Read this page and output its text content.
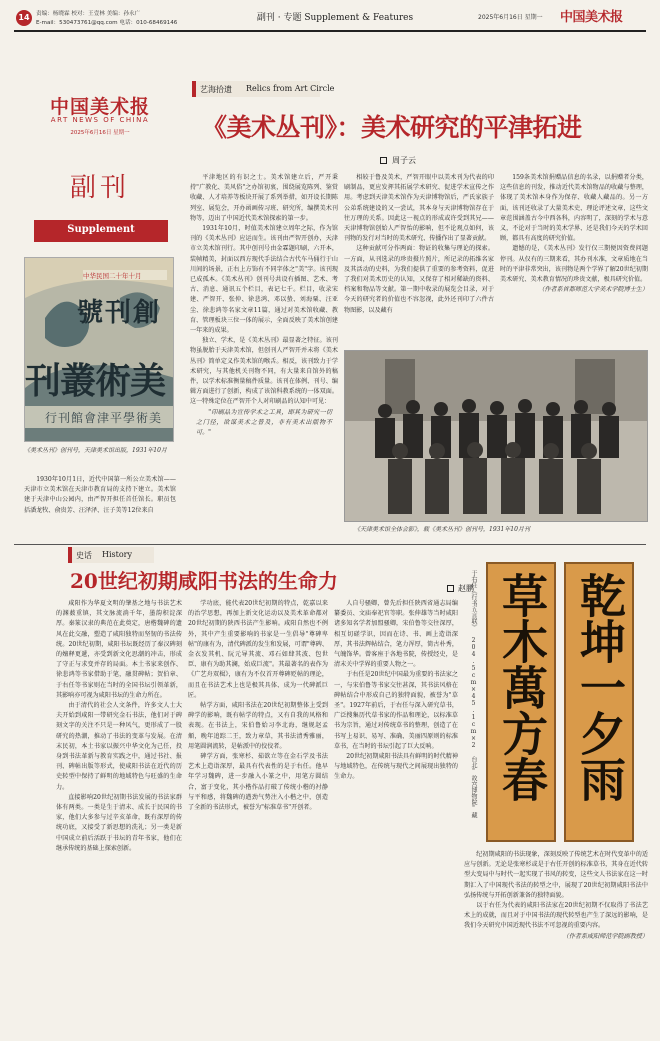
14	责编：杨晓霖 校对：王壹林 美编：孙永广
E-mail：530473761@qq.com 电话：010-68469146	副刊 · 专题 Supplement & Features	2025年6月16日 星期一 中国美术报
中国美术报
ART NEWS OF CHINA
2025年6月16日 星期一
副刊
Supplement
中华民国二十年十月
號刊創
刊叢術美
行刊館會津平學術美
《美术丛刊》创刊号，天津美术馆出版，1931年10月
1930年10月1日，近代中国第一所公立美术馆——天津市立美术馆在天津市教育局的支持下建立。美术馆建于天津中山公园内，由严智开担任首任馆长。职员包括潘龙牧、俞贵芳、汪泽泽、汪子美等12位来自
艺海拾遗 Relics from Art Circle
《美术丛刊》：美术研究的平津拓进
周子云

平津地区的有识之士。美术馆建立后，严开秉持"广教化、美风俗"之办馆初衷，围绕展览陈列、鉴赏收藏、人才培养等板块开展了系列举措，如开设长期陈列室、展览会，开办函画传习班、研究所，编撰美术刊物等，迈出了中国近代美术馆探索的第一步。

1931年10月，时值美术馆建立周年之际，作为馆刊的《美术丛刊》应运而生。该刊由严智开创办，天津市立美术馆刊行。其中创刊号由金霖题印刷，六开本，装帧精美，封面以西方现代手法结合古代车马俑行于山川间的场景，正右上方饰有不同字体之"美"字。该刊现已成孤本。《美术丛刊》创刊号共设有插图、艺术、考古、消息、通讯五个栏目，表记七千。栏目，收录宋建、严智开、张仲、徐悲鸿、邓以蛰、刘海粟、汪亚尘、徐悲鸿等名家文章11篇，通过对美术馆收藏、教育、管理板块三位一体的展示，全面反映了美术馆创建一年来的成果。

独立、学术，是《美术丛刊》最显著之特征。该刊物虽脱胎于天津美术馆，但创刊人严智开并未将《美术丛刊》简单定义作美术馆的喉舌。相反，该刊致力于学术研究，与其他机关刊物不同，有大量来自馆外的稿件，以学术标准衡量稿件质量。该刊在体例、刊号、编辑方面进行了创新，构成了该馆科教系统的一体双面。这一特殊定位在严智开个人对印刷品的认知中可见：

"印刷品为宣传学术之工具，即其为研究一切之门径，欲谋美术之普及，非有美术出版物不可。"

相较于鲁及美术，严智开眼中以美术刊为代表的印刷制品，更应发挥其拓展学术研究、促进学术宣传之作用。考虑到天津美术馆作为天津博物馆后，严氏家族子公弟系统建设的又一尝试，其本身与天津博物馆存在于往万理的关系。因此这一视点的形成或许受到其兄——天津博物馆创始人严智怡的影响，但不论观点如何，该刊物的发行对当时的美术研究、传播作出了显著贡献。

这种贡献可分作两面：物证的收集与理论的探索。一方面，从刊选录的珍贵摄片照片，所记录的拓维名家及其活动的史料，为我们提供了重要的参考资料，促进了我们对美术历史的认知，又保存了相对稀缺的资料、档案和物品等文献。第一期中收录的展览会目录，对于今天的研究者的价值也不容忽视，此外还刊印了六件古物图影，以及藏有

159条美术馆捐赠品信息的名录，以捐赠者分类，这些信息的刊发，推动近代美术馆物品的收藏与整理，体现了美术馆本身作为保存、收藏人藏品的。另一方面，该刊还收录了大量美术史、理论评述文章，这些文章范围涵盖古今中西各科，内容明了，深刻的学术与意义，不论对于当时的美术学界、还是我们今天的学术回顾，都具有高度的研究价值。

遗憾的是，《美术丛刊》发行仅三期便因资费问题停刊。从仅有的三期来看，其办刊水准，文章质地在当时的平津非常突出，该刊物是两个学界了解20世纪初期美术研究、美术教育情况的珍贵文献，极具研究价值。

（作者系首都师范大学美术学院博士生）

《天津美术馆全体会影》，载《美术丛刊》创刊号，1931年10月刊
史话 History
20世纪初期咸阳书法的生命力	赵鹏

咸阳作为华夏文明的肇基之地与书法艺术的渊薮重镇，其文脉流淌千年，墨韵积淀深厚。秦篆汉隶的典范在此奠定，唐楷魏碑的遗风在此交融，塑造了咸阳独特而坚韧的书法传统。20世纪初期，咸阳书坛既经历了秦汉碑刻的嬗释更遞，亦受到新文化思潮的冲击，形成了守正与求变并存的局面。本土书家来创作、徐悲鸿等书家借助于笔，融贯碑帖；贺伯章、于右任等书家则在当时的全国书坛引领革新，其影响亦可视为咸阳书坛的生命力所在。

由于清代的社会人文条件，许多文人士大夫开始到咸阳一带研究金石书法，他们对于碑刻文字的关注不只是一种风气，更形成了一股研究的热潮，推动了书法的变革与发展。在清末民初，本土书家以振兴中华文化为己任，投身到书法革新与教育实践之中，通过书社、报刊、碑帖出版等形式，使咸阳书法在近代的历史转型中保持了鲜明的地域特色与旺盛的生命力。

直接影响20世纪初期书法发展的书法家群体有两类。一类是生于清末、成长于民国的书家，他们大多参与过辛亥革命，既有深厚的传统功底，又接受了新思想的洗礼；另一类是新中国成立前后活跃于书坛的青年书家，他们在继承传统的基础上探索创新。

学功底，能代表20世纪初期的特点，乾嘉以来的治学思想，再加上新文化运动以及美术革命都对20世纪初期的陕西书法产生影响。咸阳自然也不例外，其中产生重要影响的书家是一生倡导"尊碑卑帖"的康有为，清代碑派的发生和发展，可谓"尊碑、金衣发其机、阮元导其流、邓石如肆其波、包世臣、康有为助其澜，始成巨流"。其最著名的表作为《广艺舟双楫》，康有为不仅首开尊碑贬帖的理论，而且在书法艺术上也是极其具体、成为一代碑派巨匠。

帖学方面，咸阳书法在20世纪初期整体上受到碑学的影响，既有帖学的特点，又有自我的风格和表现。在书法上，宋伯鲁始习李北海，继规赵孟頫，晚年追踪二王，致力章草，其书法清秀雅丽，用笔圆润流转，是帖派中的佼佼者。

碑学方面，张寒杉、茹欲立等在金石学及书法艺术上造诣深厚，最具有代表性的是于右任。他早年学习魏碑，进一步融入小篆之中，用笔方圆结合，富于变化，其小楷作品打破了传统小楷的衬静与平和感，将魏碑的遒劲气势注入小楷之中，创造了全新的书法形式，被誉为"标准草书"开创者。

人自号骚卿，曾先后担任陕西省通志局编纂委员、文庙奉祀官等职。张伸雄等当时咸阳诸多知名学者加盟骚卿，宋伯鲁等交往深厚，相互切磋学识，因而在诗、书、画上造诣深厚，其书法辉帖结合，笔力浑厚，简古朴秀，气魄饰华。曾客座于各地书院，传授经史，是清末关中学界的重要人物之一。

于右任是20世纪中国最为重要的书法家之一，与宋伯鲁等书家交往甚深，其书法风格在碑帖结合中形成自己的独特面貌，被誉为"草圣"。1927年前后，于右任与深入研究草书，广泛搜集历代草书家的作品和理论，以标准草书为宗旨，通过对传统草书的整理，创造了在书写上易识、易写、准确、美丽四原则的标准草书，在当时的书坛引起了巨大反响。

20世纪初期咸阳书法具有鲜明的时代精神与地域特色，在传统与现代之间展现出独特的生命力。	于右任《行书五言联》 204.5cm×45.1cm×2 台北"故宫博物院"藏 草木萬方春 乾坤一夕雨

纪初期咸阳的书法现象，深刻反映了传统艺术在时代变革中的适应与创新。无论是张寒杉或是于右任开创的标准草书，其身在近代转型大变局中与时代一起实现了书风的转变，这些文人书法家在这一时期汇入了中国现代书法的转型之中，展现了20世纪初期咸阳书法中弘扬传统与开拓创新兼备的独特面貌。

以于右任为代表的咸阳书法家在20世纪初期不仅取得了书法艺术上的成就，而且对于中国书法的现代转型也产生了深远的影响，是我们今天研究中国近现代书法不可忽视的重要内容。

（作者系咸阳师范学院副教授）
